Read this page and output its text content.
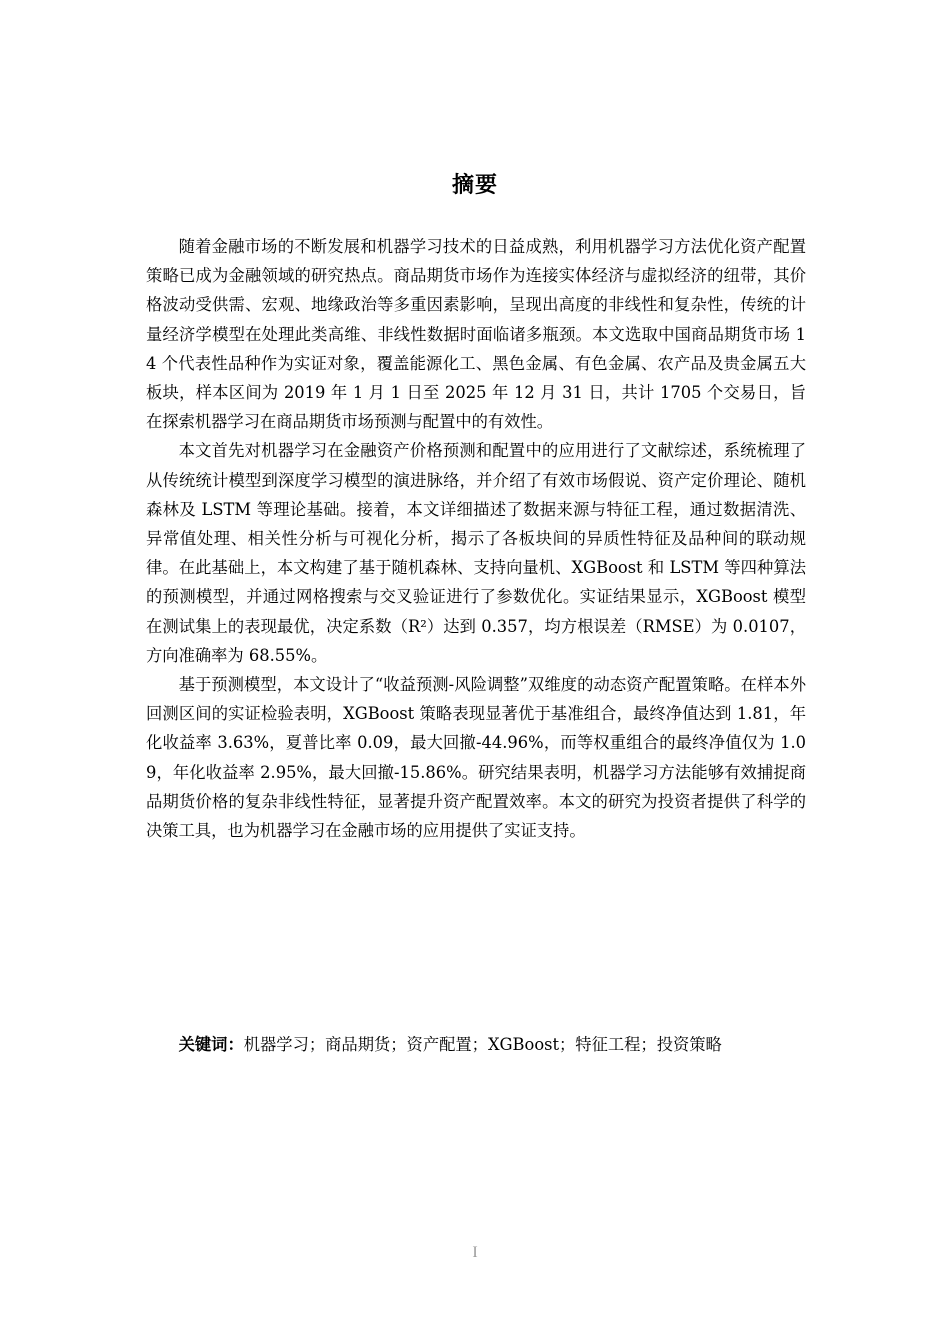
摘要

随着金融市场的不断发展和机器学习技术的日益成熟，利用机器学习方法优化资产配置策略已成为金融领域的研究热点。商品期货市场作为连接实体经济与虚拟经济的纽带，其价格波动受供需、宏观、地缘政治等多重因素影响，呈现出高度的非线性和复杂性，传统的计量经济学模型在处理此类高维、非线性数据时面临诸多瓶颈。本文选取中国商品期货市场 14 个代表性品种作为实证对象，覆盖能源化工、黑色金属、有色金属、农产品及贵金属五大板块，样本区间为 2019 年 1 月 1 日至 2025 年 12 月 31 日，共计 1705 个交易日，旨在探索机器学习在商品期货市场预测与配置中的有效性。

本文首先对机器学习在金融资产价格预测和配置中的应用进行了文献综述，系统梳理了从传统统计模型到深度学习模型的演进脉络，并介绍了有效市场假说、资产定价理论、随机森林及 LSTM 等理论基础。接着，本文详细描述了数据来源与特征工程，通过数据清洗、异常值处理、相关性分析与可视化分析，揭示了各板块间的异质性特征及品种间的联动规律。在此基础上，本文构建了基于随机森林、支持向量机、XGBoost 和 LSTM 等四种算法的预测模型，并通过网格搜索与交叉验证进行了参数优化。实证结果显示，XGBoost 模型在测试集上的表现最优，决定系数（R²）达到 0.357，均方根误差（RMSE）为 0.0107，方向准确率为 68.55%。

基于预测模型，本文设计了“收益预测-风险调整”双维度的动态资产配置策略。在样本外回测区间的实证检验表明，XGBoost 策略表现显著优于基准组合，最终净值达到 1.81，年化收益率 3.63%，夏普比率 0.09，最大回撤-44.96%，而等权重组合的最终净值仅为 1.09，年化收益率 2.95%，最大回撤-15.86%。研究结果表明，机器学习方法能够有效捕捉商品期货价格的复杂非线性特征，显著提升资产配置效率。本文的研究为投资者提供了科学的决策工具，也为机器学习在金融市场的应用提供了实证支持。

关键词：机器学习；商品期货；资产配置；XGBoost；特征工程；投资策略
I
